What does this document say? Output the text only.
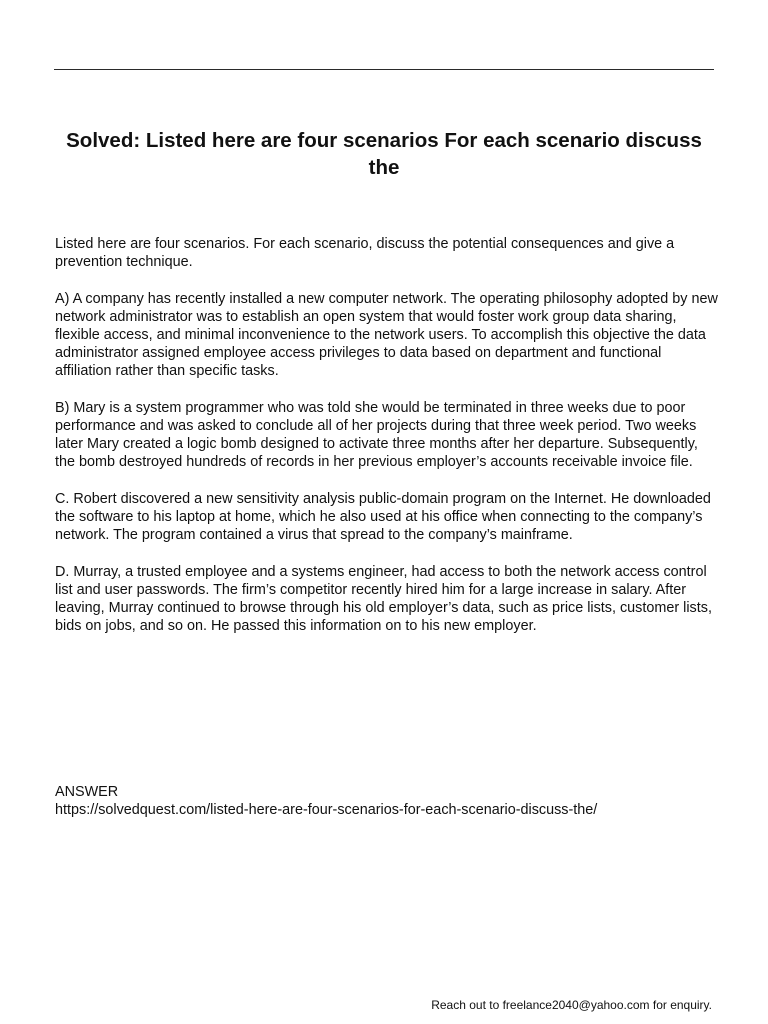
Solved: Listed here are four scenarios For each scenario discuss the

Listed here are four scenarios. For each scenario, discuss the potential consequences and give a prevention technique.

A) A company has recently installed a new computer network. The operating philosophy adopted by new network administrator was to establish an open system that would foster work group data sharing, flexible access, and minimal inconvenience to the network users. To accomplish this objective the data administrator assigned employee access privileges to data based on department and functional affiliation rather than specific tasks.

B) Mary is a system programmer who was told she would be terminated in three weeks due to poor performance and was asked to conclude all of her projects during that three week period. Two weeks later Mary created a logic bomb designed to activate three months after her departure. Subsequently, the bomb destroyed hundreds of records in her previous employer’s accounts receivable invoice file.

C. Robert discovered a new sensitivity analysis public-domain program on the Internet. He downloaded the software to his laptop at home, which he also used at his office when connecting to the company’s network. The program contained a virus that spread to the company’s mainframe.

D. Murray, a trusted employee and a systems engineer, had access to both the network access control list and user passwords. The firm’s competitor recently hired him for a large increase in salary. After leaving, Murray continued to browse through his old employer’s data, such as price lists, customer lists, bids on jobs, and so on. He passed this information on to his new employer.

ANSWER
https://solvedquest.com/listed-here-are-four-scenarios-for-each-scenario-discuss-the/
Reach out to freelance2040@yahoo.com for enquiry.
